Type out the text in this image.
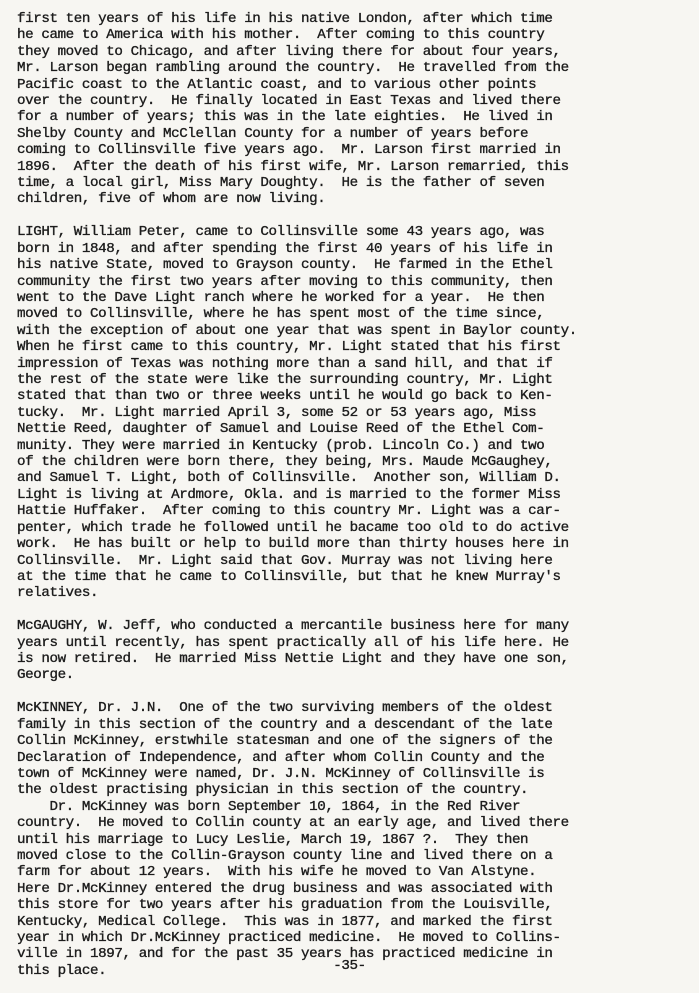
first ten years of his life in his native London, after which time
he came to America with his mother.  After coming to this country
they moved to Chicago, and after living there for about four years,
Mr. Larson began rambling around the country.  He travelled from the
Pacific coast to the Atlantic coast, and to various other points
over the country.  He finally located in East Texas and lived there
for a number of years; this was in the late eighties.  He lived in
Shelby County and McClellan County for a number of years before
coming to Collinsville five years ago.  Mr. Larson first married in
1896.  After the death of his first wife, Mr. Larson remarried, this
time, a local girl, Miss Mary Doughty.  He is the father of seven
children, five of whom are now living.
LIGHT, William Peter, came to Collinsville some 43 years ago, was
born in 1848, and after spending the first 40 years of his life in
his native State, moved to Grayson county.  He farmed in the Ethel
community the first two years after moving to this community, then
went to the Dave Light ranch where he worked for a year.  He then
moved to Collinsville, where he has spent most of the time since,
with the exception of about one year that was spent in Baylor county.
When he first came to this country, Mr. Light stated that his first
impression of Texas was nothing more than a sand hill, and that if
the rest of the state were like the surrounding country, Mr. Light
stated that than two or three weeks until he would go back to Ken-
tucky.  Mr. Light married April 3, some 52 or 53 years ago, Miss
Nettie Reed, daughter of Samuel and Louise Reed of the Ethel Com-
munity. They were married in Kentucky (prob. Lincoln Co.) and two
of the children were born there, they being, Mrs. Maude McGaughey,
and Samuel T. Light, both of Collinsville.  Another son, William D.
Light is living at Ardmore, Okla. and is married to the former Miss
Hattie Huffaker.  After coming to this country Mr. Light was a car-
penter, which trade he followed until he bacame too old to do active
work.  He has built or help to build more than thirty houses here in
Collinsville.  Mr. Light said that Gov. Murray was not living here
at the time that he came to Collinsville, but that he knew Murray's
relatives.
McGAUGHY, W. Jeff, who conducted a mercantile business here for many
years until recently, has spent practically all of his life here. He
is now retired.  He married Miss Nettie Light and they have one son,
George.
McKINNEY, Dr. J.N.  One of the two surviving members of the oldest
family in this section of the country and a descendant of the late
Collin McKinney, erstwhile statesman and one of the signers of the
Declaration of Independence, and after whom Collin County and the
town of McKinney were named, Dr. J.N. McKinney of Collinsville is
the oldest practising physician in this section of the country.
Dr. McKinney was born September 10, 1864, in the Red River
country.  He moved to Collin county at an early age, and lived there
until his marriage to Lucy Leslie, March 19, 1867 ?.  They then
moved close to the Collin-Grayson county line and lived there on a
farm for about 12 years.  With his wife he moved to Van Alstyne.
Here Dr.McKinney entered the drug business and was associated with
this store for two years after his graduation from the Louisville,
Kentucky, Medical College.  This was in 1877, and marked the first
year in which Dr.McKinney practiced medicine.  He moved to Collins-
ville in 1897, and for the past 35 years has practiced medicine in
this place.	-35-
